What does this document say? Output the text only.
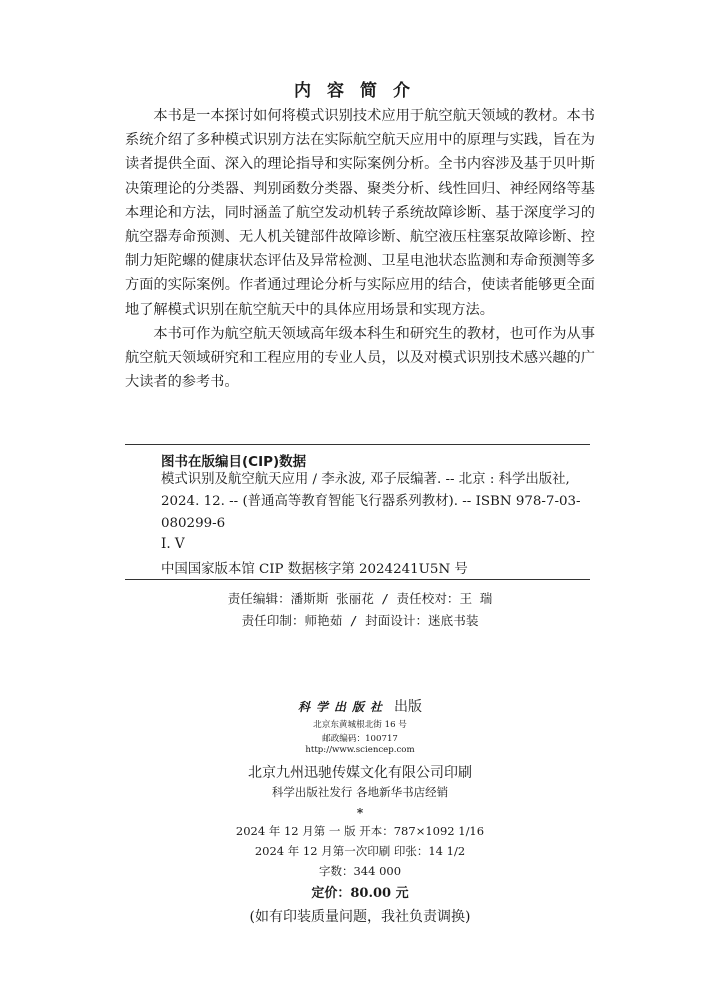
内容简介

本书是一本探讨如何将模式识别技术应用于航空航天领域的教材。本书系统介绍了多种模式识别方法在实际航空航天应用中的原理与实践，旨在为读者提供全面、深入的理论指导和实际案例分析。全书内容涉及基于贝叶斯决策理论的分类器、判别函数分类器、聚类分析、线性回归、神经网络等基本理论和方法，同时涵盖了航空发动机转子系统故障诊断、基于深度学习的航空器寿命预测、无人机关键部件故障诊断、航空液压柱塞泵故障诊断、控制力矩陀螺的健康状态评估及异常检测、卫星电池状态监测和寿命预测等多方面的实际案例。作者通过理论分析与实际应用的结合，使读者能够更全面地了解模式识别在航空航天中的具体应用场景和实现方法。

本书可作为航空航天领域高年级本科生和研究生的教材，也可作为从事航空航天领域研究和工程应用的专业人员，以及对模式识别技术感兴趣的广大读者的参考书。

图书在版编目(CIP)数据
模式识别及航空航天应用 / 李永波, 邓子辰编著. -- 北京 : 科学出版社, 2024. 12. -- (普通高等教育智能飞行器系列教材). -- ISBN 978-7-03-080299-6
Ⅰ. V
中国国家版本馆 CIP 数据核字第 2024241U5N 号
责任编辑：潘斯斯 张丽花 / 责任校对：王 瑞
责任印制：师艳茹 / 封面设计：迷底书装
科学出版社 出版
北京东黄城根北街 16 号
邮政编码：100717
http://www.sciencep.com
北京九州迅驰传媒文化有限公司印刷
科学出版社发行 各地新华书店经销
*
2024 年 12 月第 一 版 开本：787×1092 1/16
2024 年 12 月第一次印刷 印张：14 1/2
字数：344 000
定价：80.00 元
(如有印装质量问题，我社负责调换)
